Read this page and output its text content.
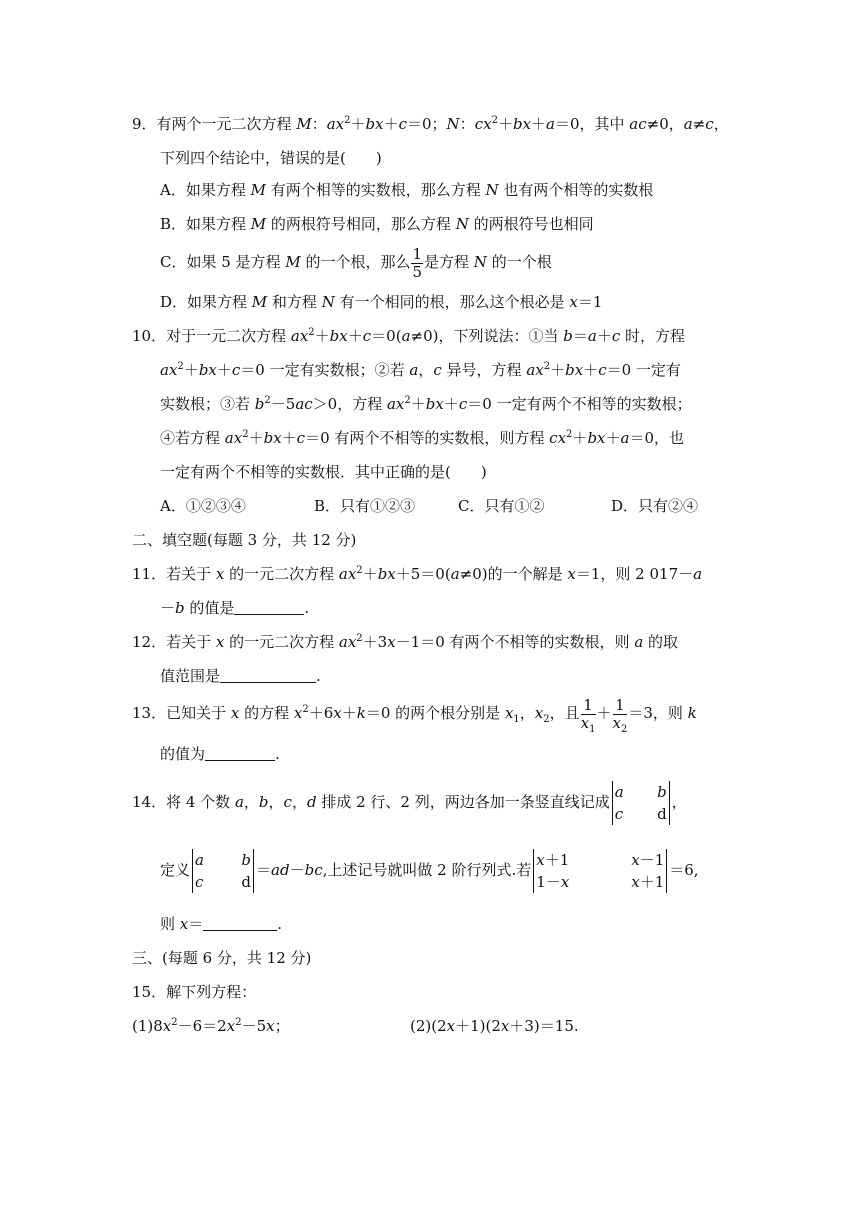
9．有两个一元二次方程 M：$ax^2+bx+c=0$；N：$cx^2+bx+a=0$，其中 ac≠0，a≠c，
下列四个结论中，错误的是(　　)
A．如果方程 M 有两个相等的实数根，那么方程 N 也有两个相等的实数根
B．如果方程 M 的两根符号相同，那么方程 N 的两根符号也相同
C．如果 5 是方程 M 的一个根，那么 $\frac{1}{5}$ 是方程 N 的一个根
D．如果方程 M 和方程 N 有一个相同的根，那么这个根必是 x＝1
10．对于一元二次方程 $ax^2+bx+c=0(a\ne 0)$，下列说法：①当 b＝a＋c 时，方程
$ax^2+bx+c=0$ 一定有实数根；②若 a，c 异号，方程 $ax^2+bx+c=0$ 一定有
实数根；③若 $b^2-5ac>0$，方程 $ax^2+bx+c=0$ 一定有两个不相等的实数根；
④若方程 $ax^2+bx+c=0$ 有两个不相等的实数根，则方程 $cx^2+bx+a=0$，也
一定有两个不相等的实数根．其中正确的是(　　)
A．①②③④	B．只有①②③	C．只有①②	D．只有②④
二、填空题(每题 3 分，共 12 分)
11．若关于 x 的一元二次方程 $ax^2+bx+5=0(a\ne 0)$的一个解是 x＝1，则 2 017－a
－b 的值是	.
12．若关于 x 的一元二次方程 $ax^2+3x-1=0$ 有两个不相等的实数根，则 a 的取
值范围是	.
13．已知关于 x 的方程 $x^2+6x+k=0$ 的两个根分别是 $x_1$，$x_2$，且 $\frac{1}{x_1} + \frac{1}{x_2} =3$，则 k
的值为	.
14．将 4 个数 a，b，c，d 排成 2 行、2 列，两边各加一条竖直线记成
a b
c d
，
定义
a b
c	d
＝ad－bc,上述记号就叫做 2 阶行列式.若
x＋1	x－1
1－x	x＋1
＝6,
则 x＝	.
三、(每题 6 分，共 12 分)
15．解下列方程：
$(1)8x^2-6=2x^2-5x$；	(2)(2x＋1)(2x＋3)＝15.
